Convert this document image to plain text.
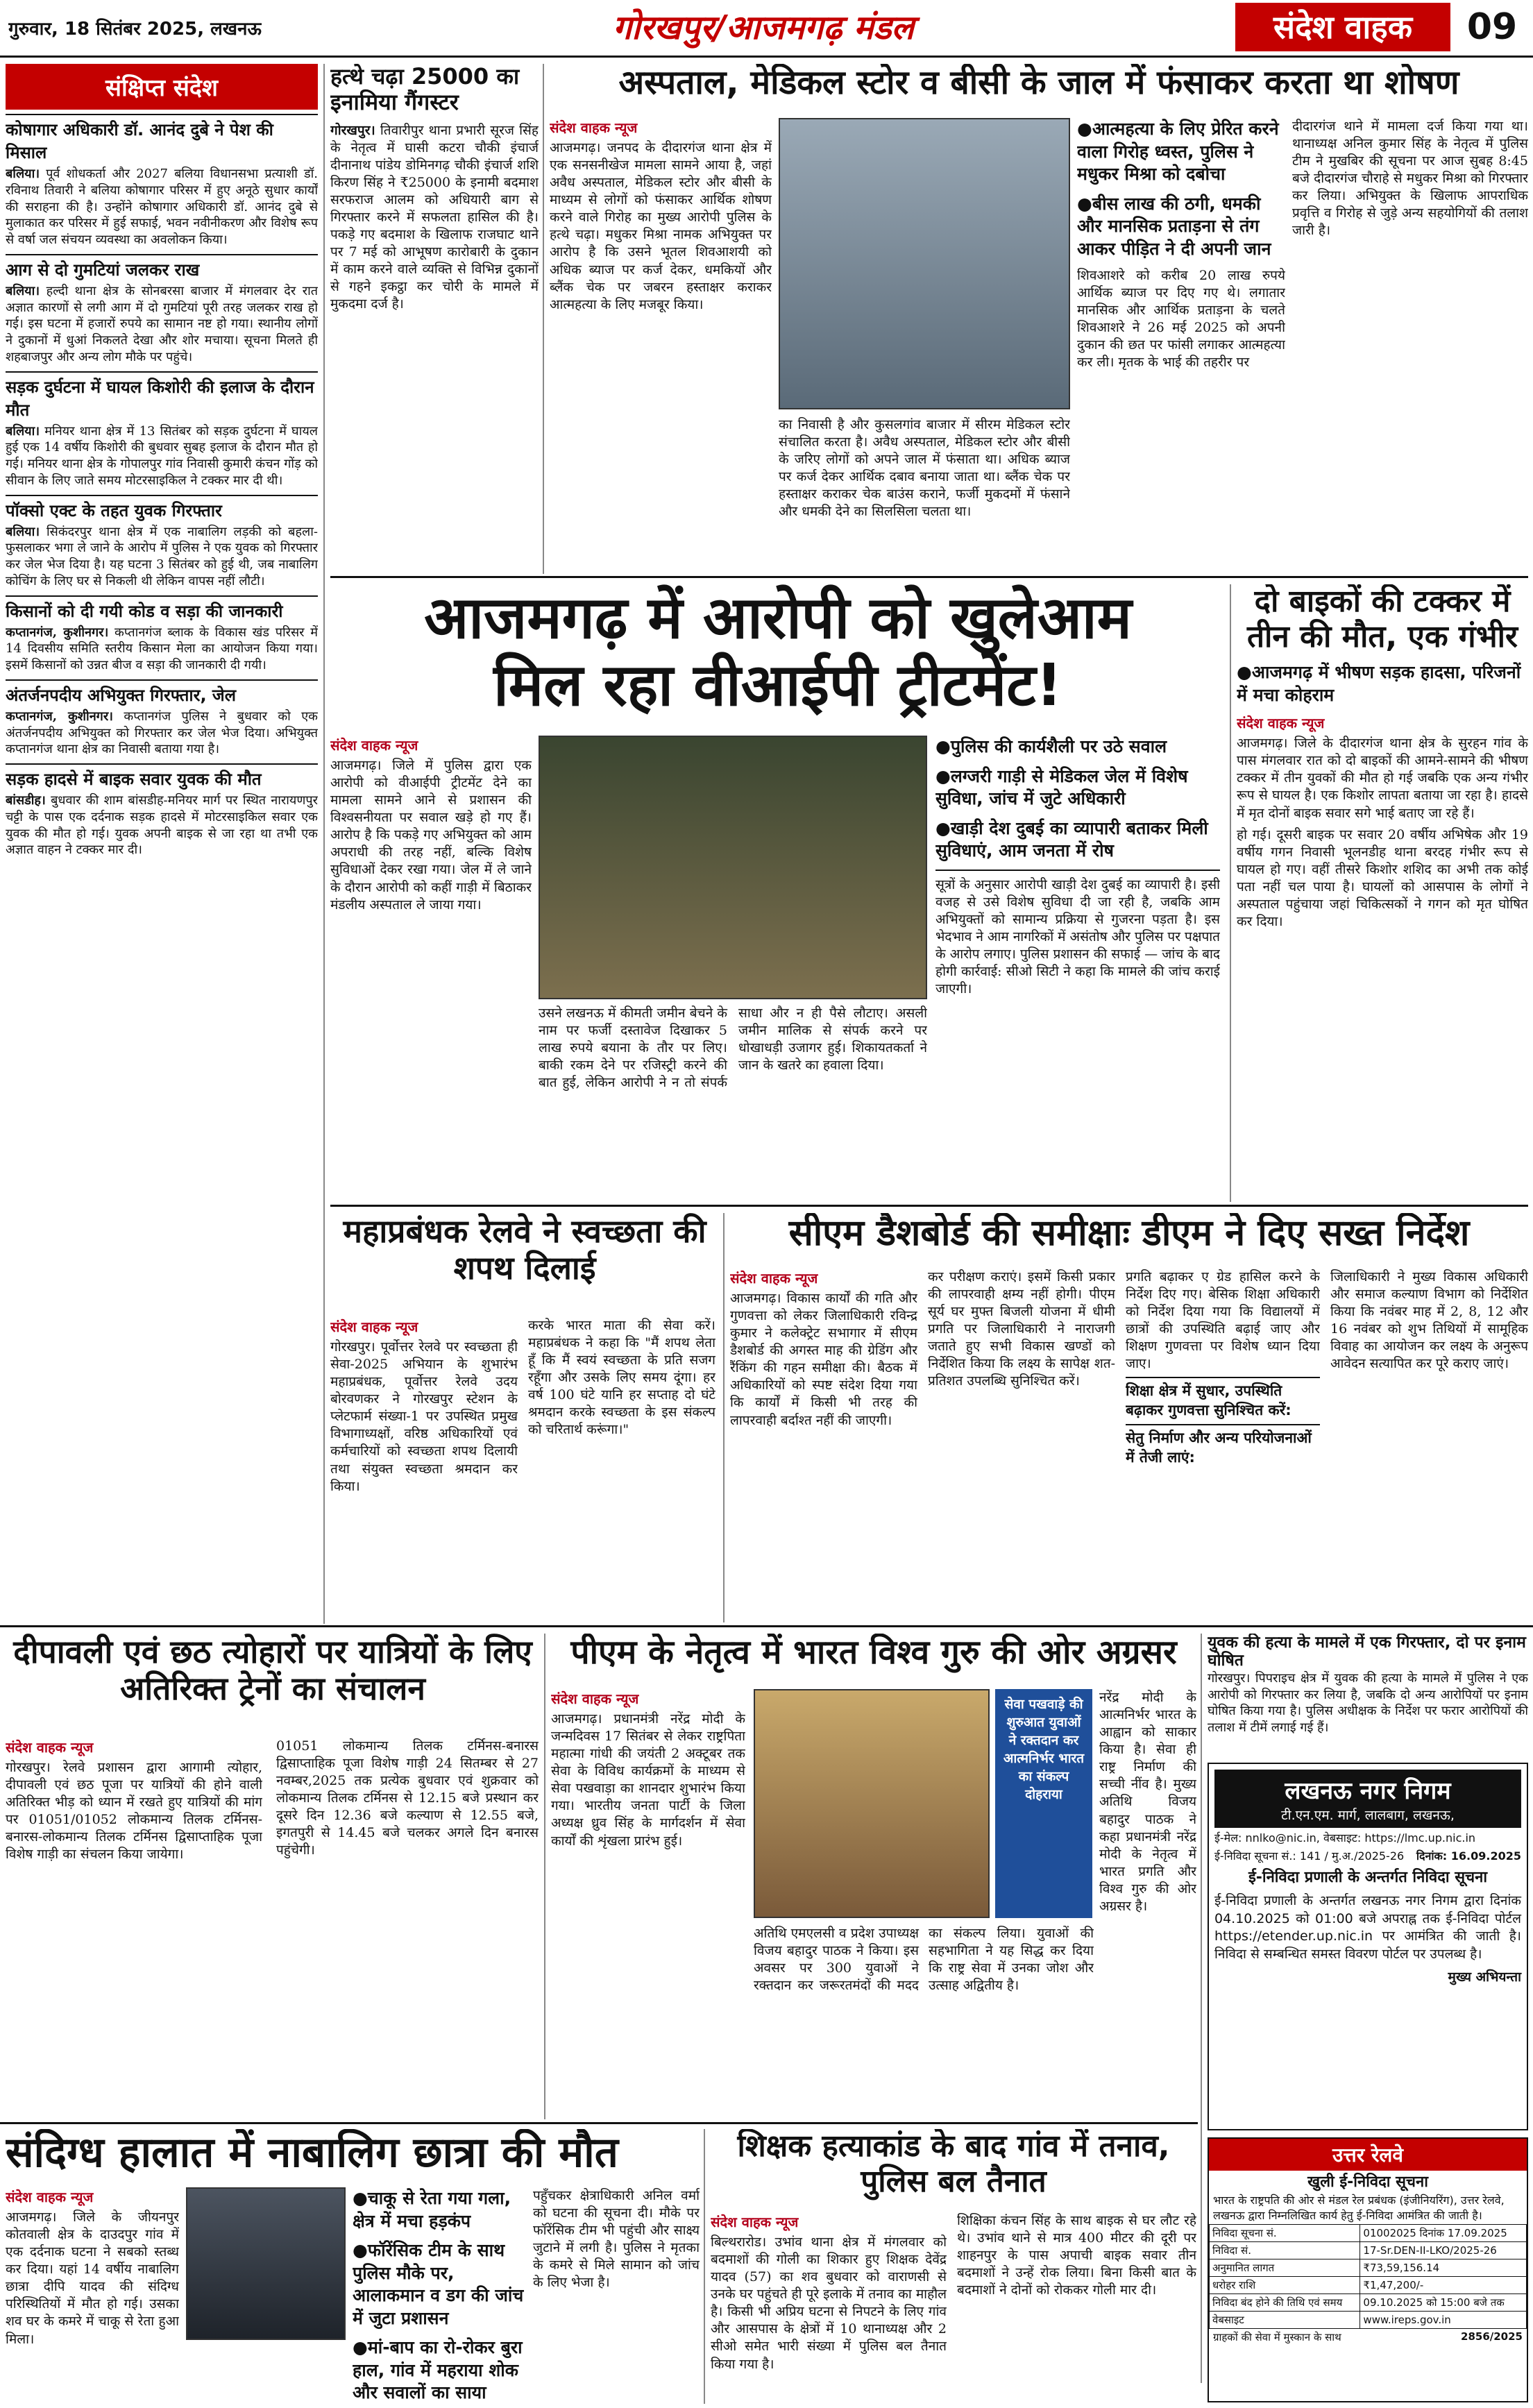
गुरुवार, 18 सितंबर 2025, लखनऊ	गोरखपुर/आजमगढ़ मंडल	संदेश वाहक	09
संक्षिप्त संदेश
कोषागार अधिकारी डॉ. आनंद दुबे ने पेश की मिसाल
बलिया। पूर्व शोधकर्ता और 2027 बलिया विधानसभा प्रत्याशी डॉ. रविनाथ तिवारी ने बलिया कोषागार परिसर में हुए अनूठे सुधार कार्यों की सराहना की है। उन्होंने कोषागार अधिकारी डॉ. आनंद दुबे से मुलाकात कर परिसर में हुई सफाई, भवन नवीनीकरण और विशेष रूप से वर्षा जल संचयन व्यवस्था का अवलोकन किया।
आग से दो गुमटियां जलकर राख
बलिया। हल्दी थाना क्षेत्र के सोनबरसा बाजार में मंगलवार देर रात अज्ञात कारणों से लगी आग में दो गुमटियां पूरी तरह जलकर राख हो गई। इस घटना में हजारों रुपये का सामान नष्ट हो गया। स्थानीय लोगों ने दुकानों में धुआं निकलते देखा और शोर मचाया। सूचना मिलते ही शहबाजपुर और अन्य लोग मौके पर पहुंचे।
सड़क दुर्घटना में घायल किशोरी की इलाज के दौरान मौत
बलिया। मनियर थाना क्षेत्र में 13 सितंबर को सड़क दुर्घटना में घायल हुई एक 14 वर्षीय किशोरी की बुधवार सुबह इलाज के दौरान मौत हो गई। मनियर थाना क्षेत्र के गोपालपुर गांव निवासी कुमारी कंचन गोंड़ को सीवान के लिए जाते समय मोटरसाइकिल ने टक्कर मार दी थी।
पॉक्सो एक्ट के तहत युवक गिरफ्तार
बलिया। सिकंदरपुर थाना क्षेत्र में एक नाबालिग लड़की को बहला-फुसलाकर भगा ले जाने के आरोप में पुलिस ने एक युवक को गिरफ्तार कर जेल भेज दिया है। यह घटना 3 सितंबर को हुई थी, जब नाबालिग कोचिंग के लिए घर से निकली थी लेकिन वापस नहीं लौटी।
किसानों को दी गयी कोड व सड़ा की जानकारी
कप्तानगंज, कुशीनगर। कप्तानगंज ब्लाक के विकास खंड परिसर में 14 दिवसीय समिति स्तरीय किसान मेला का आयोजन किया गया। इसमें किसानों को उन्नत बीज व सड़ा की जानकारी दी गयी।
अंतर्जनपदीय अभियुक्त गिरफ्तार, जेल
कप्तानगंज, कुशीनगर। कप्तानगंज पुलिस ने बुधवार को एक अंतर्जनपदीय अभियुक्त को गिरफ्तार कर जेल भेज दिया। अभियुक्त कप्तानगंज थाना क्षेत्र का निवासी बताया गया है।
सड़क हादसे में बाइक सवार युवक की मौत
बांसडीह। बुधवार की शाम बांसडीह-मनियर मार्ग पर स्थित नारायणपुर चट्टी के पास एक दर्दनाक सड़क हादसे में मोटरसाइकिल सवार एक युवक की मौत हो गई। युवक अपनी बाइक से जा रहा था तभी एक अज्ञात वाहन ने टक्कर मार दी।
हत्थे चढ़ा 25000 का इनामिया गैंगस्टर
गोरखपुर। तिवारीपुर थाना प्रभारी सूरज सिंह के नेतृत्व में घासी कटरा चौकी इंचार्ज दीनानाथ पांडेय डोमिनगढ़ चौकी इंचार्ज शशि किरण सिंह ने ₹25000 के इनामी बदमाश सरफराज आलम को अधियारी बाग से गिरफ्तार करने में सफलता हासिल की है। पकड़े गए बदमाश के खिलाफ राजघाट थाने पर 7 मई को आभूषण कारोबारी के दुकान में काम करने वाले व्यक्ति से विभिन्न दुकानों से गहने इकट्ठा कर चोरी के मामले में मुकदमा दर्ज है।
अस्पताल, मेडिकल स्टोर व बीसी के जाल में फंसाकर करता था शोषण
संदेश वाहक न्यूज
आजमगढ़। जनपद के दीदारगंज थाना क्षेत्र में एक सनसनीखेज मामला सामने आया है, जहां अवैध अस्पताल, मेडिकल स्टोर और बीसी के माध्यम से लोगों को फंसाकर आर्थिक शोषण करने वाले गिरोह का मुख्य आरोपी पुलिस के हत्थे चढ़ा। मधुकर मिश्रा नामक अभियुक्त पर आरोप है कि उसने भूतल शिवआशयी को अधिक ब्याज पर कर्ज देकर, धमकियों और ब्लैंक चेक पर जबरन हस्ताक्षर कराकर आत्महत्या के लिए मजबूर किया।
का निवासी है और कुसलगांव बाजार में सीरम मेडिकल स्टोर संचालित करता है। अवैध अस्पताल, मेडिकल स्टोर और बीसी के जरिए लोगों को अपने जाल में फंसाता था। अधिक ब्याज पर कर्ज देकर आर्थिक दबाव बनाया जाता था। ब्लैंक चेक पर हस्ताक्षर कराकर चेक बाउंस कराने, फर्जी मुकदमों में फंसाने और धमकी देने का सिलसिला चलता था।
● आत्महत्या के लिए प्रेरित करने वाला गिरोह ध्वस्त, पुलिस ने मधुकर मिश्रा को दबोचा
● बीस लाख की ठगी, धमकी और मानसिक प्रताड़ना से तंग आकर पीड़ित ने दी अपनी जान
शिवआशरे को करीब 20 लाख रुपये आर्थिक ब्याज पर दिए गए थे। लगातार मानसिक और आर्थिक प्रताड़ना के चलते शिवआशरे ने 26 मई 2025 को अपनी दुकान की छत पर फांसी लगाकर आत्महत्या कर ली। मृतक के भाई की तहरीर पर
दीदारगंज थाने में मामला दर्ज किया गया था। थानाध्यक्ष अनिल कुमार सिंह के नेतृत्व में पुलिस टीम ने मुखबिर की सूचना पर आज सुबह 8:45 बजे दीदारगंज चौराहे से मधुकर मिश्रा को गिरफ्तार कर लिया। अभियुक्त के खिलाफ आपराधिक प्रवृत्ति व गिरोह से जुड़े अन्य सहयोगियों की तलाश जारी है।
आजमगढ़ में आरोपी को खुलेआम मिल रहा वीआईपी ट्रीटमेंट!
संदेश वाहक न्यूज
आजमगढ़। जिले में पुलिस द्वारा एक आरोपी को वीआईपी ट्रीटमेंट देने का मामला सामने आने से प्रशासन की विश्वसनीयता पर सवाल खड़े हो गए हैं। आरोप है कि पकड़े गए अभियुक्त को आम अपराधी की तरह नहीं, बल्कि विशेष सुविधाओं देकर रखा गया। जेल में ले जाने के दौरान आरोपी को कहीं गाड़ी में बिठाकर मंडलीय अस्पताल ले जाया गया।
उसने लखनऊ में कीमती जमीन बेचने के नाम पर फर्जी दस्तावेज दिखाकर 5 लाख रुपये बयाना के तौर पर लिए। बाकी रकम देने पर रजिस्ट्री करने की बात हुई, लेकिन आरोपी ने न तो संपर्क साधा और न ही पैसे लौटाए। असली जमीन मालिक से संपर्क करने पर धोखाधड़ी उजागर हुई। शिकायतकर्ता ने जान के खतरे का हवाला दिया।
● पुलिस की कार्यशैली पर उठे सवाल
● लग्जरी गाड़ी से मेडिकल जेल में विशेष सुविधा, जांच में जुटे अधिकारी
● खाड़ी देश दुबई का व्यापारी बताकर मिली सुविधाएं, आम जनता में रोष
सूत्रों के अनुसार आरोपी खाड़ी देश दुबई का व्यापारी है। इसी वजह से उसे विशेष सुविधा दी जा रही है, जबकि आम अभियुक्तों को सामान्य प्रक्रिया से गुजरना पड़ता है। इस भेदभाव ने आम नागरिकों में असंतोष और पुलिस पर पक्षपात के आरोप लगाए। पुलिस प्रशासन की सफाई — जांच के बाद होगी कार्रवाई: सीओ सिटी ने कहा कि मामले की जांच कराई जाएगी।
दो बाइकों की टक्कर में तीन की मौत, एक गंभीर
● आजमगढ़ में भीषण सड़क हादसा, परिजनों में मचा कोहराम
संदेश वाहक न्यूज
आजमगढ़। जिले के दीदारगंज थाना क्षेत्र के सुरहन गांव के पास मंगलवार रात को दो बाइकों की आमने-सामने की भीषण टक्कर में तीन युवकों की मौत हो गई जबकि एक अन्य गंभीर रूप से घायल है। एक किशोर लापता बताया जा रहा है। हादसे में मृत दोनों बाइक सवार सगे भाई बताए जा रहे हैं।
हो गई। दूसरी बाइक पर सवार 20 वर्षीय अभिषेक और 19 वर्षीय गगन निवासी भूलनडीह थाना बरदह गंभीर रूप से घायल हो गए। वहीं तीसरे किशोर शशिद का अभी तक कोई पता नहीं चल पाया है। घायलों को आसपास के लोगों ने अस्पताल पहुंचाया जहां चिकित्सकों ने गगन को मृत घोषित कर दिया।
महाप्रबंधक रेलवे ने स्वच्छता की शपथ दिलाई
संदेश वाहक न्यूज
गोरखपुर। पूर्वोत्तर रेलवे पर स्वच्छता ही सेवा-2025 अभियान के शुभारंभ महाप्रबंधक, पूर्वोत्तर रेलवे उदय बोरवणकर ने गोरखपुर स्टेशन के प्लेटफार्म संख्या-1 पर उपस्थित प्रमुख विभागाध्यक्षों, वरिष्ठ अधिकारियों एवं कर्मचारियों को स्वच्छता शपथ दिलायी तथा संयुक्त स्वच्छता श्रमदान कर किया।
करके भारत माता की सेवा करें। महाप्रबंधक ने कहा कि "मैं शपथ लेता हूँ कि मैं स्वयं स्वच्छता के प्रति सजग रहूँगा और उसके लिए समय दूंगा। हर वर्ष 100 घंटे यानि हर सप्ताह दो घंटे श्रमदान करके स्वच्छता के इस संकल्प को चरितार्थ करूंगा।"
सीएम डैशबोर्ड की समीक्षाः डीएम ने दिए सख्त निर्देश
संदेश वाहक न्यूज
आजमगढ़। विकास कार्यों की गति और गुणवत्ता को लेकर जिलाधिकारी रविन्द्र कुमार ने कलेक्ट्रेट सभागार में सीएम डैशबोर्ड की अगस्त माह की ग्रेडिंग और रैंकिंग की गहन समीक्षा की। बैठक में अधिकारियों को स्पष्ट संदेश दिया गया कि कार्यों में किसी भी तरह की लापरवाही बर्दाश्त नहीं की जाएगी।
कर परीक्षण कराएं। इसमें किसी प्रकार की लापरवाही क्षम्य नहीं होगी। पीएम सूर्य घर मुफ्त बिजली योजना में धीमी प्रगति पर जिलाधिकारी ने नाराजगी जताते हुए सभी विकास खण्डों को निर्देशित किया कि लक्ष्य के सापेक्ष शत-प्रतिशत उपलब्धि सुनिश्चित करें।
प्रगति बढ़ाकर ए ग्रेड हासिल करने के निर्देश दिए गए। बेसिक शिक्षा अधिकारी को निर्देश दिया गया कि विद्यालयों में छात्रों की उपस्थिति बढ़ाई जाए और शिक्षण गुणवत्ता पर विशेष ध्यान दिया जाए।
शिक्षा क्षेत्र में सुधार, उपस्थिति बढ़ाकर गुणवत्ता सुनिश्चित करें:
सेतु निर्माण और अन्य परियोजनाओं में तेजी लाएं:
जिलाधिकारी ने मुख्य विकास अधिकारी और समाज कल्याण विभाग को निर्देशित किया कि नवंबर माह में 2, 8, 12 और 16 नवंबर को शुभ तिथियों में सामूहिक विवाह का आयोजन कर लक्ष्य के अनुरूप आवेदन सत्यापित कर पूरे कराए जाएं।
दीपावली एवं छठ त्योहारों पर यात्रियों के लिए अतिरिक्त ट्रेनों का संचालन
संदेश वाहक न्यूज
गोरखपुर। रेलवे प्रशासन द्वारा आगामी त्योहार, दीपावली एवं छठ पूजा पर यात्रियों की होने वाली अतिरिक्त भीड़ को ध्यान में रखते हुए यात्रियों की मांग पर 01051/01052 लोकमान्य तिलक टर्मिनस-बनारस-लोकमान्य तिलक टर्मिनस द्विसाप्ताहिक पूजा विशेष गाड़ी का संचलन किया जायेगा।
01051 लोकमान्य तिलक टर्मिनस-बनारस द्विसाप्ताहिक पूजा विशेष गाड़ी 24 सितम्बर से 27 नवम्बर,2025 तक प्रत्येक बुधवार एवं शुक्रवार को लोकमान्य तिलक टर्मिनस से 12.15 बजे प्रस्थान कर दूसरे दिन 12.36 बजे कल्याण से 12.55 बजे, इगतपुरी से 14.45 बजे चलकर अगले दिन बनारस पहुंचेगी।
पीएम के नेतृत्व में भारत विश्व गुरु की ओर अग्रसर
संदेश वाहक न्यूज
आजमगढ़। प्रधानमंत्री नरेंद्र मोदी के जन्मदिवस 17 सितंबर से लेकर राष्ट्रपिता महात्मा गांधी की जयंती 2 अक्टूबर तक सेवा के विविध कार्यक्रमों के माध्यम से सेवा पखवाड़ा का शानदार शुभारंभ किया गया। भारतीय जनता पार्टी के जिला अध्यक्ष ध्रुव सिंह के मार्गदर्शन में सेवा कार्यों की शृंखला प्रारंभ हुई।
सेवा पखवाड़े की शुरुआत युवाओं ने रक्तदान कर आत्मनिर्भर भारत का संकल्प दोहराया
अतिथि एमएलसी व प्रदेश उपाध्यक्ष विजय बहादुर पाठक ने किया। इस अवसर पर 300 युवाओं ने रक्तदान कर जरूरतमंदों की मदद का संकल्प लिया। युवाओं की सहभागिता ने यह सिद्ध कर दिया कि राष्ट्र सेवा में उनका जोश और उत्साह अद्वितीय है।
नरेंद्र मोदी के आत्मनिर्भर भारत के आह्वान को साकार किया है। सेवा ही राष्ट्र निर्माण की सच्ची नींव है। मुख्य अतिथि विजय बहादुर पाठक ने कहा प्रधानमंत्री नरेंद्र मोदी के नेतृत्व में भारत प्रगति और विश्व गुरु की ओर अग्रसर है।
युवक की हत्या के मामले में एक गिरफ्तार, दो पर इनाम घोषित
गोरखपुर। पिपराइच क्षेत्र में युवक की हत्या के मामले में पुलिस ने एक आरोपी को गिरफ्तार कर लिया है, जबकि दो अन्य आरोपियों पर इनाम घोषित किया गया है। पुलिस अधीक्षक के निर्देश पर फरार आरोपियों की तलाश में टीमें लगाई गई हैं।
लखनऊ नगर निगम
टी.एन.एम. मार्ग, लालबाग, लखनऊ,
ई-मेल: nnlko@nic.in, वेबसाइट: https://lmc.up.nic.in
ई-निविदा सूचना सं.: 141 / मु.अ./2025-26 दिनांक: 16.09.2025
ई-निविदा प्रणाली के अन्तर्गत निविदा सूचना
ई-निविदा प्रणाली के अन्तर्गत लखनऊ नगर निगम द्वारा दिनांक 04.10.2025 को 01:00 बजे अपराह्न तक ई-निविदा पोर्टल https://etender.up.nic.in पर आमंत्रित की जाती है। निविदा से सम्बन्धित समस्त विवरण पोर्टल पर उपलब्ध है।
मुख्य अभियन्ता
उत्तर रेलवे
खुली ई-निविदा सूचना
भारत के राष्ट्रपति की ओर से मंडल रेल प्रबंधक (इंजीनियरिंग), उत्तर रेलवे, लखनऊ द्वारा निम्नलिखित कार्य हेतु ई-निविदा आमंत्रित की जाती है।
निविदा सूचना सं.	01002025 दिनांक 17.09.2025
निविदा सं.	17-Sr.DEN-II-LKO/2025-26
अनुमानित लागत	₹73,59,156.14
धरोहर राशि	₹1,47,200/-
निविदा बंद होने की तिथि एवं समय	09.10.2025 को 15:00 बजे तक
वेबसाइट	www.ireps.gov.in
ग्राहकों की सेवा में मुस्कान के साथ	2856/2025
संदिग्ध हालात में नाबालिग छात्रा की मौत
संदेश वाहक न्यूज
आजमगढ़। जिले के जीयनपुर कोतवाली क्षेत्र के दाउदपुर गांव में एक दर्दनाक घटना ने सबको स्तब्ध कर दिया। यहां 14 वर्षीय नाबालिग छात्रा दीपि यादव की संदिग्ध परिस्थितियों में मौत हो गई। उसका शव घर के कमरे में चाकू से रेता हुआ मिला।
● चाकू से रेता गया गला, क्षेत्र में मचा हड़कंप
● फॉरेंसिक टीम के साथ पुलिस मौके पर, आलाकमान व डग की जांच में जुटा प्रशासन
● मां-बाप का रो-रोकर बुरा हाल, गांव में महराया शोक और सवालों का साया
पहुँचकर क्षेत्राधिकारी अनिल वर्मा को घटना की सूचना दी। मौके पर फॉरेंसिक टीम भी पहुंची और साक्ष्य जुटाने में लगी है। पुलिस ने मृतका के कमरे से मिले सामान को जांच के लिए भेजा है।
शिक्षक हत्याकांड के बाद गांव में तनाव, पुलिस बल तैनात
संदेश वाहक न्यूज
बिल्थरारोड। उभांव थाना क्षेत्र में मंगलवार को बदमाशों की गोली का शिकार हुए शिक्षक देवेंद्र यादव (57) का शव बुधवार को वाराणसी से उनके घर पहुंचते ही पूरे इलाके में तनाव का माहौल है। किसी भी अप्रिय घटना से निपटने के लिए गांव और आसपास के क्षेत्रों में 10 थानाध्यक्ष और 2 सीओ समेत भारी संख्या में पुलिस बल तैनात किया गया है।
शिक्षिका कंचन सिंह के साथ बाइक से घर लौट रहे थे। उभांव थाने से मात्र 400 मीटर की दूरी पर शाहनपुर के पास अपाची बाइक सवार तीन बदमाशों ने उन्हें रोक लिया। बिना किसी बात के बदमाशों ने दोनों को रोककर गोली मार दी।
